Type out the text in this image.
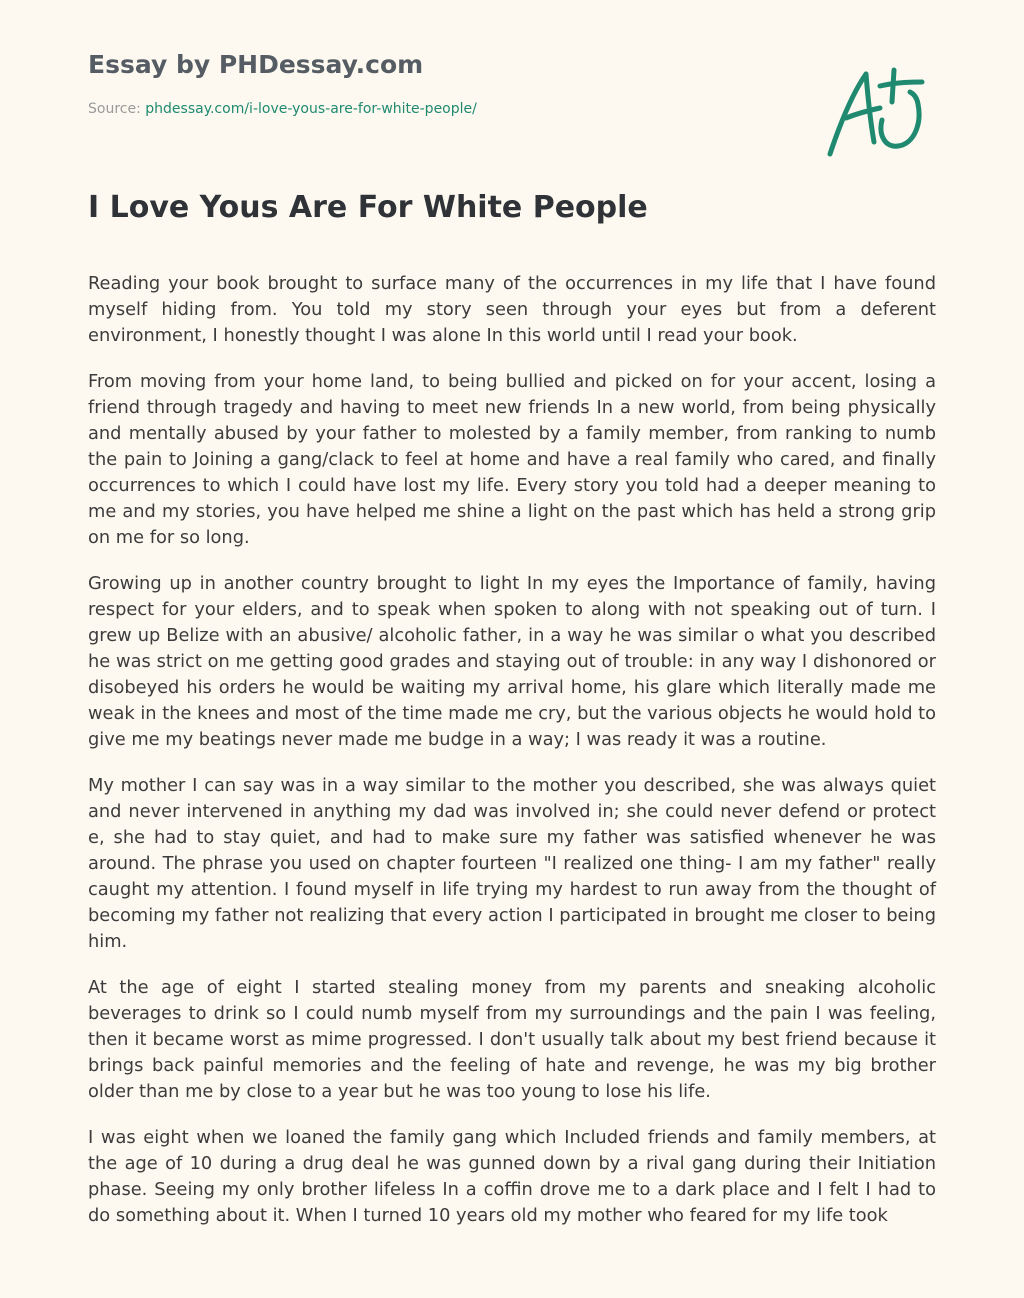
Essay by PHDessay.com
Source: phdessay.com/i-love-yous-are-for-white-people/
I Love Yous Are For White People

Reading your book brought to surface many of the occurrences in my life that I have found myself hiding from. You told my story seen through your eyes but from a deferent environment, I honestly thought I was alone In this world until I read your book.

From moving from your home land, to being bullied and picked on for your accent, losing a friend through tragedy and having to meet new friends In a new world, from being physically and mentally abused by your father to molested by a family member, from ranking to numb the pain to Joining a gang/clack to feel at home and have a real family who cared, and finally occurrences to which I could have lost my life. Every story you told had a deeper meaning to me and my stories, you have helped me shine a light on the past which has held a strong grip on me for so long.

Growing up in another country brought to light In my eyes the Importance of family, having respect for your elders, and to speak when spoken to along with not speaking out of turn. I grew up Belize with an abusive/ alcoholic father, in a way he was similar o what you described he was strict on me getting good grades and staying out of trouble: in any way I dishonored or disobeyed his orders he would be waiting my arrival home, his glare which literally made me weak in the knees and most of the time made me cry, but the various objects he would hold to give me my beatings never made me budge in a way; I was ready it was a routine.

My mother I can say was in a way similar to the mother you described, she was always quiet and never intervened in anything my dad was involved in; she could never defend or protect e, she had to stay quiet, and had to make sure my father was satisfied whenever he was around. The phrase you used on chapter fourteen "I realized one thing- I am my father" really caught my attention. I found myself in life trying my hardest to run away from the thought of becoming my father not realizing that every action I participated in brought me closer to being him.

At the age of eight I started stealing money from my parents and sneaking alcoholic beverages to drink so I could numb myself from my surroundings and the pain I was feeling, then it became worst as mime progressed. I don't usually talk about my best friend because it brings back painful memories and the feeling of hate and revenge, he was my big brother older than me by close to a year but he was too young to lose his life.

I was eight when we loaned the family gang which Included friends and family members, at the age of 10 during a drug deal he was gunned down by a rival gang during their Initiation phase. Seeing my only brother lifeless In a coffin drove me to a dark place and I felt I had to do something about it. When I turned 10 years old my mother who feared for my life took
